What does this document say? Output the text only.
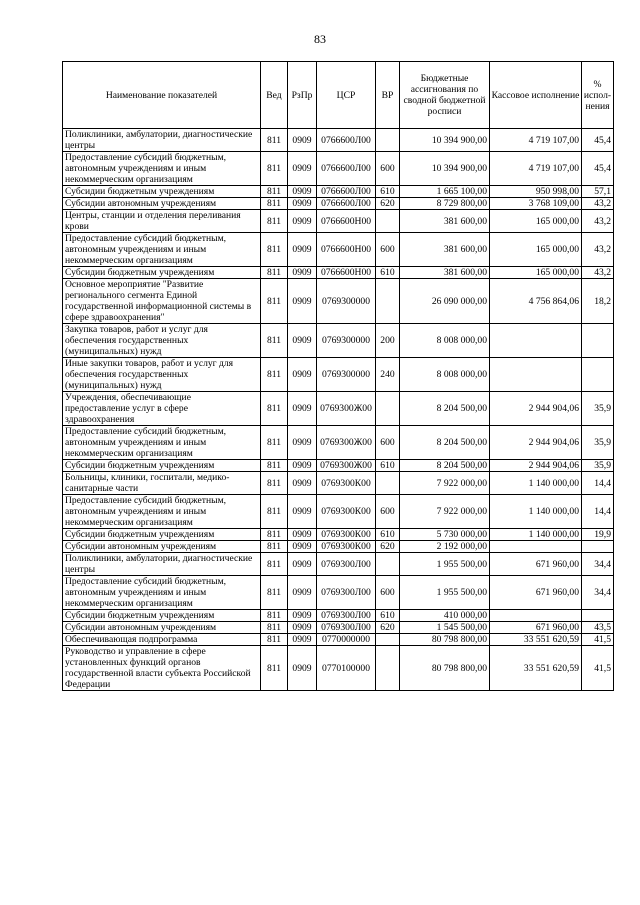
83
Наименование показателей	Вед	РзПр	ЦСР	ВР	Бюджетные ассигнования по сводной бюджетной росписи	Кассовое исполнение	% испол-нения
Поликлиники, амбулатории, диагностические центры	811	0909	0766600Л00		10 394 900,00	4 719 107,00	45,4
Предоставление субсидий бюджетным, автономным учреждениям и иным некоммерческим организациям	811	0909	0766600Л00	600	10 394 900,00	4 719 107,00	45,4
Субсидии бюджетным учреждениям	811	0909	0766600Л00	610	1 665 100,00	950 998,00	57,1
Субсидии автономным учреждениям	811	0909	0766600Л00	620	8 729 800,00	3 768 109,00	43,2
Центры, станции и отделения переливания крови	811	0909	0766600Н00		381 600,00	165 000,00	43,2
Предоставление субсидий бюджетным, автономным учреждениям и иным некоммерческим организациям	811	0909	0766600Н00	600	381 600,00	165 000,00	43,2
Субсидии бюджетным учреждениям	811	0909	0766600Н00	610	381 600,00	165 000,00	43,2
Основное мероприятие "Развитие регионального сегмента Единой государственной информационной системы в сфере здравоохранения"	811	0909	0769300000		26 090 000,00	4 756 864,06	18,2
Закупка товаров, работ и услуг для обеспечения государственных (муниципальных) нужд	811	0909	0769300000	200	8 008 000,00		
Иные закупки товаров, работ и услуг для обеспечения государственных (муниципальных) нужд	811	0909	0769300000	240	8 008 000,00		
Учреждения, обеспечивающие предоставление услуг в сфере здравоохранения	811	0909	0769300Ж00		8 204 500,00	2 944 904,06	35,9
Предоставление субсидий бюджетным, автономным учреждениям и иным некоммерческим организациям	811	0909	0769300Ж00	600	8 204 500,00	2 944 904,06	35,9
Субсидии бюджетным учреждениям	811	0909	0769300Ж00	610	8 204 500,00	2 944 904,06	35,9
Больницы, клиники, госпитали, медико-санитарные части	811	0909	0769300К00		7 922 000,00	1 140 000,00	14,4
Предоставление субсидий бюджетным, автономным учреждениям и иным некоммерческим организациям	811	0909	0769300К00	600	7 922 000,00	1 140 000,00	14,4
Субсидии бюджетным учреждениям	811	0909	0769300К00	610	5 730 000,00	1 140 000,00	19,9
Субсидии автономным учреждениям	811	0909	0769300К00	620	2 192 000,00		
Поликлиники, амбулатории, диагностические центры	811	0909	0769300Л00		1 955 500,00	671 960,00	34,4
Предоставление субсидий бюджетным, автономным учреждениям и иным некоммерческим организациям	811	0909	0769300Л00	600	1 955 500,00	671 960,00	34,4
Субсидии бюджетным учреждениям	811	0909	0769300Л00	610	410 000,00		
Субсидии автономным учреждениям	811	0909	0769300Л00	620	1 545 500,00	671 960,00	43,5
Обеспечивающая подпрограмма	811	0909	0770000000		80 798 800,00	33 551 620,59	41,5
Руководство и управление в сфере установленных функций органов государственной власти субъекта Российской Федерации	811	0909	0770100000		80 798 800,00	33 551 620,59	41,5
